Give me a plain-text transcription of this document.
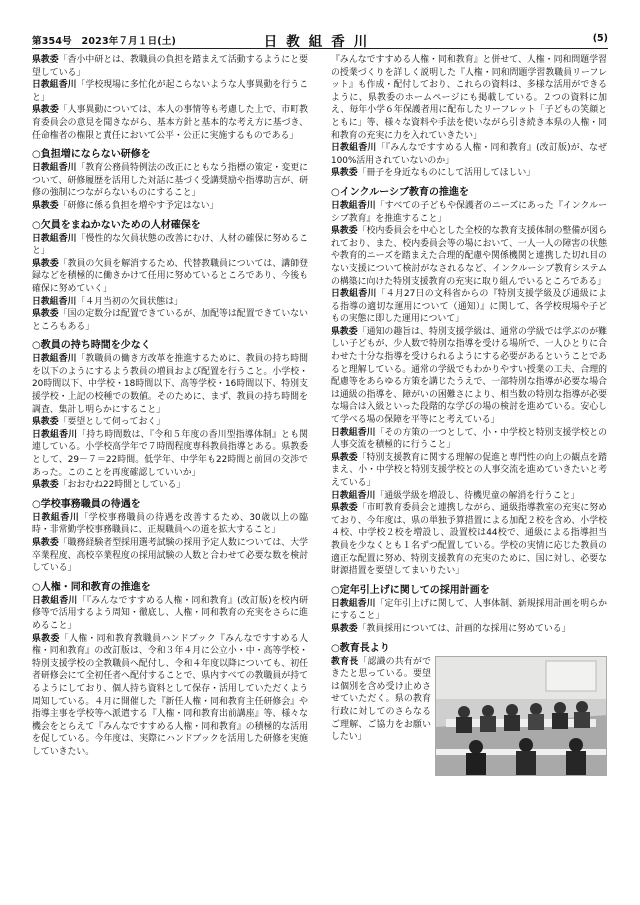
第354号　2023年７月１日(土)	日教組香川	(5)
県教委「香小中研とは、教職員の負担を踏まえて活動するようにと要望している」
日教組香川「学校現場に多忙化が起こらないような人事異動を行うこと」
県教委「人事異動については、本人の事情等も考慮した上で、市町教育委員会の意見を聞きながら、基本方針と基本的な考え方に基づき、任命権者の権限と責任において公平・公正に実施するものである」
○負担増にならない研修を
日教組香川「教育公務員特例法の改正にともなう指標の策定・変更について、研修履歴を活用した対話に基づく受講奨励や指導助言が、研修の強制につながらないものにすること」
県教委「研修に係る負担を増やす予定はない」
○欠員をまねかないための人材確保を
日教組香川「慢性的な欠員状態の改善にむけ、人材の確保に努めること」
県教委「教員の欠員を解消するため、代替教職員については、講師登録などを積極的に働きかけて任用に努めているところであり、今後も確保に努めていく」
日教組香川「４月当初の欠員状態は」
県教委「国の定数分は配置できているが、加配等は配置できていないところもある」
○教員の持ち時間を少なく
日教組香川「教職員の働き方改革を推進するために、教員の持ち時間を以下のようにするよう教員の増員および配置を行うこと。小学校・20時間以下、中学校・18時間以下、高等学校・16時間以下、特別支援学校・上記の校種での数値。そのために、まず、教員の持ち時間を調査、集計し明らかにすること」
県教委「要望として伺っておく」
日教組香川「持ち時間数は、『令和５年度の香川型指導体制』とも関連している。小学校高学年で７時間程度専科教員指導とある。県教委として、29－７＝22時間。低学年、中学年も22時間と前回の交渉であった。このことを再度確認していいか」
県教委「おおむね22時間としている」
○学校事務職員の待遇を
日教組香川「学校事務職員の待遇を改善するため、30歳以上の臨時・非常勤学校事務職員に、正規職員への道を拡大すること」
県教委「職務経験者型採用選考試験の採用予定人数については、大学卒業程度、高校卒業程度の採用試験の人数と合わせて必要な数を検討している」
○人権・同和教育の推進を
日教組香川「『みんなですすめる人権・同和教育』(改訂版)を校内研修等で活用するよう周知・徹底し、人権・同和教育の充実をさらに進めること」
県教委「人権・同和教育教職員ハンドブック『みんなですすめる人権・同和教育』の改訂版は、令和３年４月に公立小・中・高等学校・特別支援学校の全教職員へ配付し、令和４年度以降についても、初任者研修会にて全初任者へ配付することで、県内すべての教職員が持てるようにしており、個人持ち資料として保存・活用していただくよう周知している。４月に開催した『新任人権・同和教育主任研修会』や指導主事を学校等へ派遣する『人権・同和教育出前講座』等、様々な機会をとらえて『みんなですすめる人権・同和教育』の積極的な活用を促している。今年度は、実際にハンドブックを活用した研修を実施していきたい。
『みんなですすめる人権・同和教育』と併せて、人権・同和問題学習の授業づくりを詳しく説明した『人権・同和問題学習教職員リーフレット』も作成・配付しており、これらの資料は、多様な活用ができるように、県教委のホームページにも掲載している。２つの資料に加え、毎年小学６年保護者用に配布したリーフレット「子どもの笑顔とともに」等、様々な資料や手法を使いながら引き続き本県の人権・同和教育の充実に力を入れていきたい」
日教組香川「『みんなですすめる人権・同和教育』(改訂版)が、なぜ100%活用されていないのか」
県教委「冊子を身近なものにして活用してほしい」
○インクルーシブ教育の推進を
日教組香川「すべての子どもや保護者のニーズにあった『インクルーシブ教育』を推進すること」
県教委「校内委員会を中心とした全校的な教育支援体制の整備が図られており、また、校内委員会等の場において、一人一人の障害の状態や教育的ニーズを踏まえた合理的配慮や関係機関と連携した切れ目のない支援について検討がなされるなど、インクルーシブ教育システムの構築に向けた特別支援教育の充実に取り組んでいるところである」
日教組香川「４月27日の文科省からの『特別支援学級及び通級による指導の適切な運用について（通知）』に関して、各学校現場や子どもの実態に即した運用について」
県教委「通知の趣旨は、特別支援学級は、通常の学級では学ぶのが難しい子どもが、少人数で特別な指導を受ける場所で、一人ひとりに合わせた十分な指導を受けられるようにする必要があるということであると理解している。通常の学級でもわかりやすい授業の工夫、合理的配慮等をあらゆる方策を講じたうえで、一部特別な指導が必要な場合は通級の指導を、障がいの困難さにより、相当数の特別な指導が必要な場合は入級といった段階的な学びの場の検討を進めている。安心して学べる場の保障を平等にと考えている」
日教組香川「その方策の一つとして、小・中学校と特別支援学校との人事交流を積極的に行うこと」
県教委「特別支援教育に関する理解の促進と専門性の向上の観点を踏まえ、小・中学校と特別支援学校との人事交流を進めていきたいと考えている」
日教組香川「通級学級を増設し、待機児童の解消を行うこと」
県教委「市町教育委員会と連携しながら、通級指導教室の充実に努めており、今年度は、県の単独予算措置による加配２校を含め、小学校４校、中学校２校を増設し、設置校は44校で、通級による指導担当教員を少なくとも１名ずつ配置している。学校の実情に応じた教員の適正な配置に努め、特別支援教育の充実のために、国に対し、必要な財源措置を要望してまいりたい」
○定年引上げに関しての採用計画を
日教組香川「定年引上げに関して、人事体制、新規採用計画を明らかにすること」
県教委「教員採用については、計画的な採用に努めている」
○教育長より
教育長「認識の共有ができたと思っている。要望は個別を含め受け止めさせていただく。県の教育行政に対してのさらなるご理解、ご協力をお願いしたい」
